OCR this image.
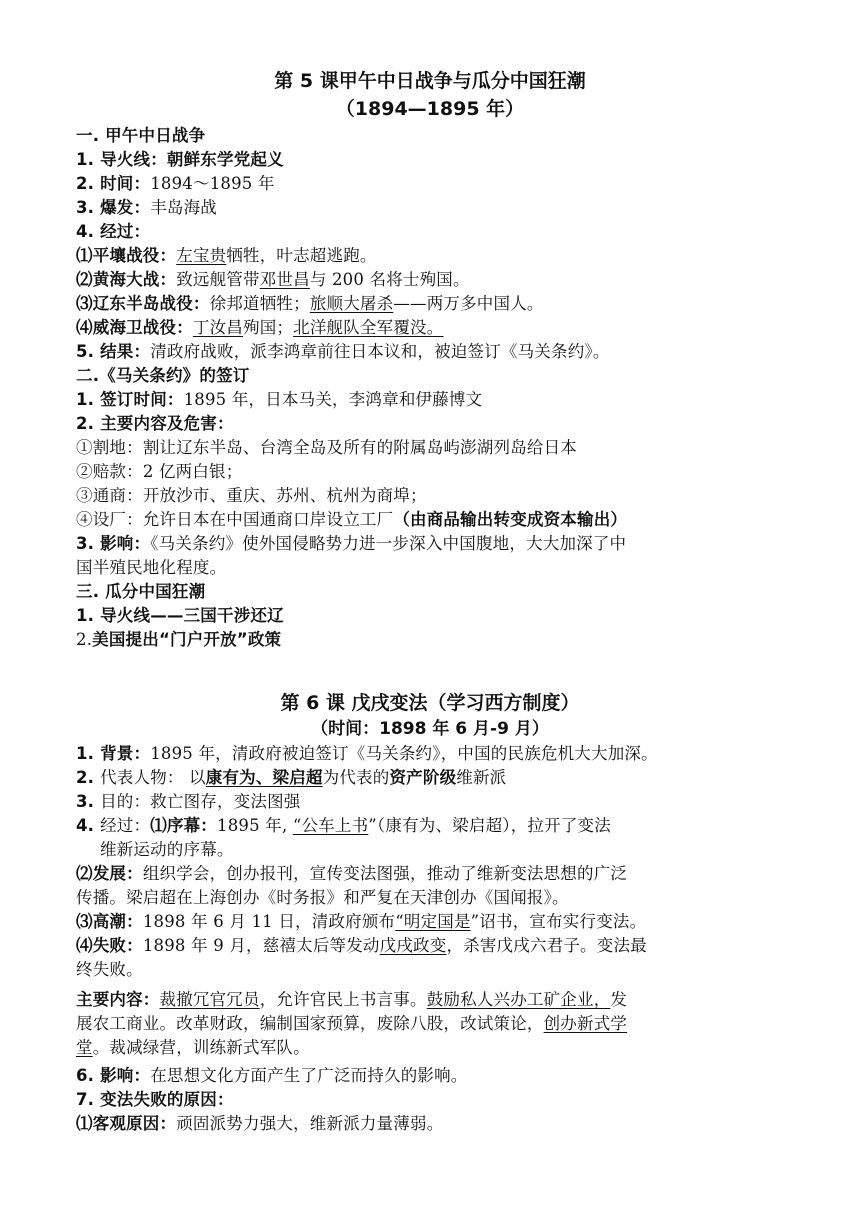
第 5 课甲午中日战争与瓜分中国狂潮
（1894—1895 年）
一. 甲午中日战争
1. 导火线：朝鲜东学党起义
2. 时间：1894～1895 年
3. 爆发：丰岛海战
4. 经过：
⑴平壤战役：左宝贵牺牲，叶志超逃跑。
⑵黄海大战：致远舰管带邓世昌与 200 名将士殉国。
⑶辽东半岛战役：徐邦道牺牲；旅顺大屠杀——两万多中国人。
⑷威海卫战役：丁汝昌殉国；北洋舰队全军覆没。
5. 结果：清政府战败，派李鸿章前往日本议和，被迫签订《马关条约》。
二.《马关条约》的签订
1. 签订时间：1895 年，日本马关，李鸿章和伊藤博文
2. 主要内容及危害：
①割地：割让辽东半岛、台湾全岛及所有的附属岛屿澎湖列岛给日本
②赔款：2 亿两白银；
③通商：开放沙市、重庆、苏州、杭州为商埠；
④设厂：允许日本在中国通商口岸设立工厂（由商品输出转变成资本输出）
3. 影响：《马关条约》使外国侵略势力进一步深入中国腹地，大大加深了中
国半殖民地化程度。
三. 瓜分中国狂潮
1. 导火线——三国干涉还辽
2.美国提出“门户开放”政策
第 6 课 戊戌变法（学习西方制度）
（时间：1898 年 6 月-9 月）
1. 背景：1895 年，清政府被迫签订《马关条约》，中国的民族危机大大加深。
2. 代表人物： 以康有为、梁启超为代表的资产阶级维新派
3. 目的：救亡图存，变法图强
4. 经过：⑴序幕：1895 年, “公车上书”（康有为、梁启超），拉开了变法
维新运动的序幕。
⑵发展：组织学会，创办报刊，宣传变法图强，推动了维新变法思想的广泛
传播。梁启超在上海创办《时务报》和严复在天津创办《国闻报》。
⑶高潮：1898 年 6 月 11 日，清政府颁布“明定国是”诏书，宣布实行变法。
⑷失败：1898 年 9 月，慈禧太后等发动戊戌政变，杀害戊戌六君子。变法最
终失败。
主要内容：裁撤冗官冗员，允许官民上书言事。鼓励私人兴办工矿企业，发
展农工商业。改革财政，编制国家预算，废除八股，改试策论，创办新式学
堂。裁减绿营，训练新式军队。
6. 影响：在思想文化方面产生了广泛而持久的影响。
7. 变法失败的原因：
⑴客观原因：顽固派势力强大，维新派力量薄弱。
